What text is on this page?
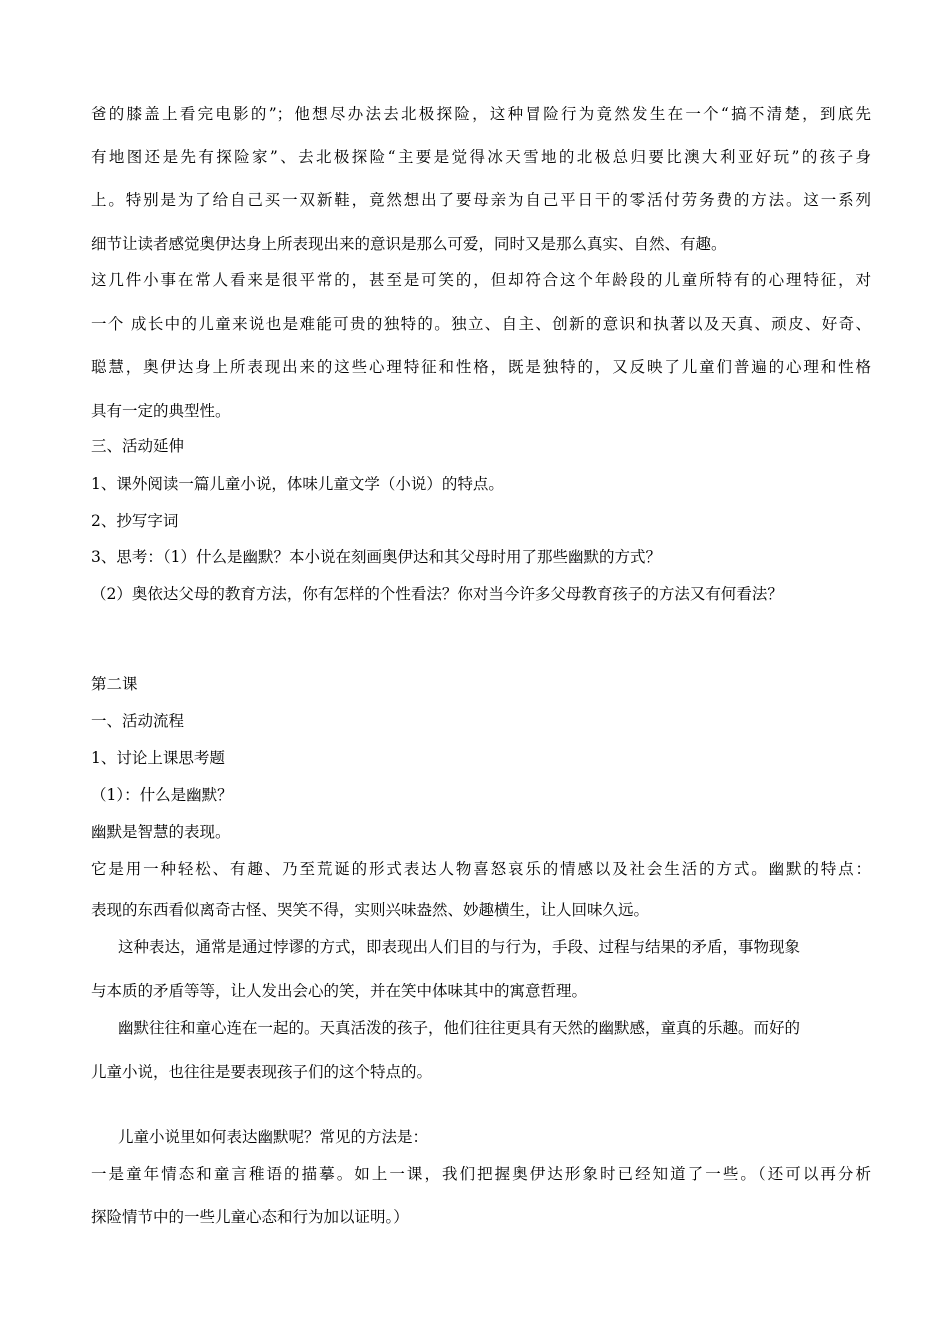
爸的膝盖上看完电影的”；他想尽办法去北极探险，这种冒险行为竟然发生在一个“搞不清楚，到底先
有地图还是先有探险家”、去北极探险“主要是觉得冰天雪地的北极总归要比澳大利亚好玩”的孩子身
上。特别是为了给自己买一双新鞋，竟然想出了要母亲为自己平日干的零活付劳务费的方法。这一系列
细节让读者感觉奥伊达身上所表现出来的意识是那么可爱，同时又是那么真实、自然、有趣。
这几件小事在常人看来是很平常的，甚至是可笑的，但却符合这个年龄段的儿童所特有的心理特征，对
一个 成长中的儿童来说也是难能可贵的独特的。独立、自主、创新的意识和执著以及天真、顽皮、好奇、
聪慧，奥伊达身上所表现出来的这些心理特征和性格，既是独特的，又反映了儿童们普遍的心理和性格
具有一定的典型性。
三、活动延伸
1、课外阅读一篇儿童小说，体味儿童文学（小说）的特点。
2、抄写字词
3、思考：（1）什么是幽默？本小说在刻画奥伊达和其父母时用了那些幽默的方式？
（2）奥依达父母的教育方法，你有怎样的个性看法？你对当今许多父母教育孩子的方法又有何看法？
第二课
一、活动流程
1、讨论上课思考题
（1）：什么是幽默？
幽默是智慧的表现。
它是用一种轻松、有趣、乃至荒诞的形式表达人物喜怒哀乐的情感以及社会生活的方式。幽默的特点：
表现的东西看似离奇古怪、哭笑不得，实则兴味盎然、妙趣横生，让人回味久远。
这种表达，通常是通过悖谬的方式，即表现出人们目的与行为，手段、过程与结果的矛盾，事物现象
与本质的矛盾等等，让人发出会心的笑，并在笑中体味其中的寓意哲理。
幽默往往和童心连在一起的。天真活泼的孩子，他们往往更具有天然的幽默感，童真的乐趣。而好的
儿童小说，也往往是要表现孩子们的这个特点的。
儿童小说里如何表达幽默呢？常见的方法是：
一是童年情态和童言稚语的描摹。如上一课，我们把握奥伊达形象时已经知道了一些。（还可以再分析
探险情节中的一些儿童心态和行为加以证明。）
